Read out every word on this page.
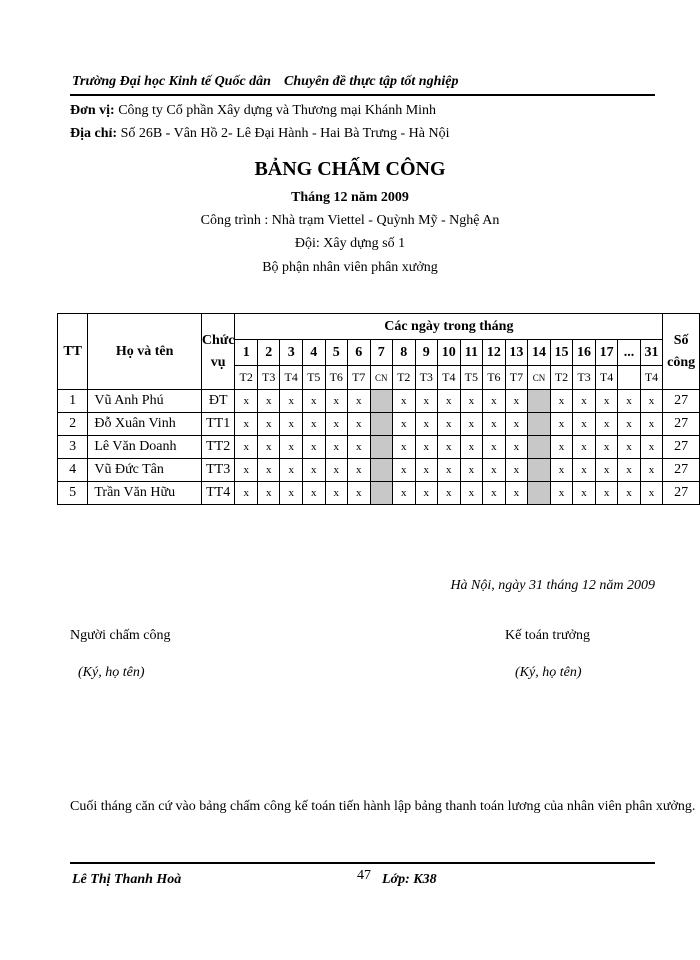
Trường Đại học Kinh tế Quốc dân Chuyên đề thực tập tốt nghiệp
Đơn vị: Công ty Cổ phần Xây dựng và Thương mại Khánh Minh
Địa chỉ: Số 26B - Vân Hồ 2- Lê Đại Hành - Hai Bà Trưng - Hà Nội
BẢNG CHẤM CÔNG
Tháng 12 năm 2009
Công trình : Nhà trạm Viettel - Quỳnh Mỹ - Nghệ An
Đội: Xây dựng số 1
Bộ phận nhân viên phân xưởng
TT	Họ và tên	Chức vụ	Các ngày trong tháng																			Số công
			1	2	3	4	5	6	7	8	9	10	11	12	13	14	15	16	17	...	31	
			T2	T3	T4	T5	T6	T7	CN	T2	T3	T4	T5	T6	T7	CN	T2	T3	T4		T4	
1	Vũ Anh Phú	ĐT	x	x	x	x	x	x		x	x	x	x	x	x		x	x	x	x	x	27
2	Đỗ Xuân Vinh	TT1	x	x	x	x	x	x		x	x	x	x	x	x		x	x	x	x	x	27
3	Lê Văn Doanh	TT2	x	x	x	x	x	x		x	x	x	x	x	x		x	x	x	x	x	27
4	Vũ Đức Tân	TT3	x	x	x	x	x	x		x	x	x	x	x	x		x	x	x	x	x	27
5	Trần Văn Hữu	TT4	x	x	x	x	x	x		x	x	x	x	x	x		x	x	x	x	x	27
Hà Nội, ngày 31 tháng 12 năm 2009
Người chấm công
(Ký, họ tên)
Kế toán trưởng
(Ký, họ tên)
Cuối tháng căn cứ vào bảng chấm công kế toán tiến hành lập bảng thanh toán lương của nhân viên phân xưởng.
Lê Thị Thanh Hoà	47 Lớp: K38
